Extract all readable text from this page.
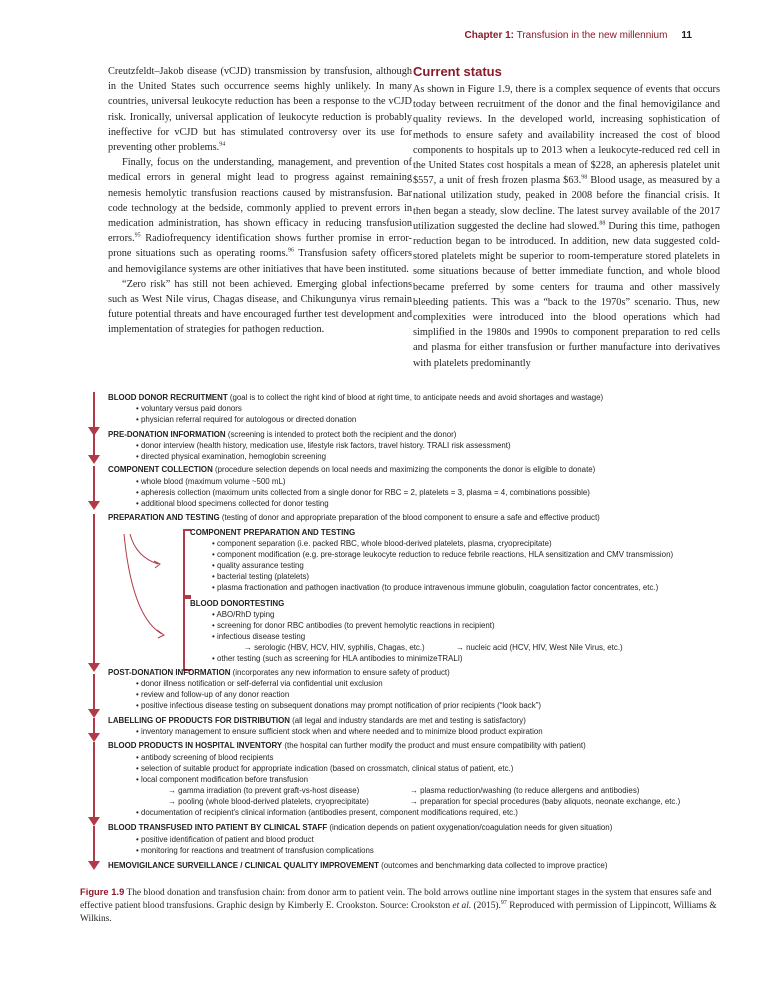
Chapter 1: Transfusion in the new millennium 11

Creutzfeldt–Jakob disease (vCJD) transmission by transfusion, although in the United States such occurrence seems highly unlikely. In many countries, universal leukocyte reduction has been a response to the vCJD risk. Ironically, universal application of leukocyte reduction is probably ineffective for vCJD but has stimulated controversy over its use for preventing other problems.$^{94}$

Finally, focus on the understanding, management, and prevention of medical errors in general might lead to progress against remaining nemesis hemolytic transfusion reactions caused by mistransfusion. Bar code technology at the bedside, commonly applied to prevent errors in medication administration, has shown efficacy in reducing transfusion errors.$^{95}$ Radiofrequency identification shows further promise in error-prone situations such as operating rooms.$^{96}$ Transfusion safety officers and hemovigilance systems are other initiatives that have been instituted.

“Zero risk” has still not been achieved. Emerging global infections such as West Nile virus, Chagas disease, and Chikungunya virus remain future potential threats and have encouraged further test development and implementation of strategies for pathogen reduction.

Current status

As shown in Figure 1.9, there is a complex sequence of events that occurs today between recruitment of the donor and the final hemovigilance and quality reviews. In the developed world, increasing sophistication of methods to ensure safety and availability increased the cost of blood components to hospitals up to 2013 when a leukocyte-reduced red cell in the United States cost hospitals a mean of $228, an apheresis platelet unit $557, a unit of fresh frozen plasma $63.98 Blood usage, as measured by a national utilization study, peaked in 2008 before the financial crisis. It then began a steady, slow decline. The latest survey available of the 2017 utilization suggested the decline had slowed.$^{88}$ During this time, pathogen reduction began to be introduced. In addition, new data suggested cold-stored platelets might be superior to room-temperature stored platelets in some situations because of better immediate function, and whole blood became preferred by some centers for trauma and other massively bleeding patients. This was a “back to the 1970s” scenario. Thus, new complexities were introduced into the blood operations which had simplified in the 1980s and 1990s to component preparation to red cells and plasma for either transfusion or further manufacture into derivatives with platelets predominantly

BLOOD DONOR RECRUITMENT (goal is to collect the right kind of blood at right time, to anticipate needs and avoid shortages and wastage)
• voluntary versus paid donors
• physician referral required for autologous or directed donation
PRE-DONATION INFORMATION (screening is intended to protect both the recipient and the donor)
• donor interview (health history, medication use, lifestyle risk factors, travel history. TRALI risk assessment)
• directed physical examination, hemoglobin screening
COMPONENT COLLECTION (procedure selection depends on local needs and maximizing the components the donor is eligible to donate)
• whole blood (maximum volume ~500 mL)
• apheresis collection (maximum units collected from a single donor for RBC = 2, platelets = 3, plasma = 4, combinations possible)
• additional blood specimens collected for donor testing
PREPARATION AND TESTING (testing of donor and appropriate preparation of the blood component to ensure a safe and effective product)
COMPONENT PREPARATION AND TESTING
• component separation (i.e. packed RBC, whole blood-derived platelets, plasma, cryoprecipitate)
• component modification (e.g. pre-storage leukocyte reduction to reduce febrile reactions, HLA sensitization and CMV transmission)
• quality assurance testing
• bacterial testing (platelets)
• plasma fractionation and pathogen inactivation (to produce intravenous immune globulin, coagulation factor concentrates, etc.)
BLOOD DONORTESTING
• ABO/RhD typing
• screening for donor RBC antibodies (to prevent hemolytic reactions in recipient)
• infectious disease testing
→ serologic (HBV, HCV, HIV, syphilis, Chagas, etc.)	→ nucleic acid (HCV, HIV, West Nile Virus, etc.)
• other testing (such as screening for HLA antibodies to minimizeTRALI)
POST-DONATION INFORMATION (incorporates any new information to ensure safety of product)
• donor illness notification or self-deferral via confidential unit exclusion
• review and follow-up of any donor reaction
• positive infectious disease testing on subsequent donations may prompt notification of prior recipients (“look back”)
LABELLING OF PRODUCTS FOR DISTRIBUTION (all legal and industry standards are met and testing is satisfactory)
• inventory management to ensure sufficient stock when and where needed and to minimize blood product expiration
BLOOD PRODUCTS IN HOSPITAL INVENTORY (the hospital can further modify the product and must ensure compatibility with patient)
• antibody screening of blood recipients
• selection of suitable product for appropriate indication (based on crossmatch, clinical status of patient, etc.)
• local component modification before transfusion
→ gamma irradiation (to prevent graft-vs-host disease)	→ plasma reduction/washing (to reduce allergens and antibodies)
→ pooling (whole blood-derived platelets, cryoprecipitate)	→ preparation for special procedures (baby aliquots, neonate exchange, etc.)
• documentation of recipient's clinical information (antibodies present, component modifications required, etc.)
BLOOD TRANSFUSED INTO PATIENT BY CLINICAL STAFF (indication depends on patient oxygenation/coagulation needs for given situation)
• positive identification of patient and blood product
• monitoring for reactions and treatment of transfusion complications
HEMOVIGILANCE SURVEILLANCE / CLINICAL QUALITY IMPROVEMENT (outcomes and benchmarking data collected to improve practice)
Figure 1.9 The blood donation and transfusion chain: from donor arm to patient vein. The bold arrows outline nine important stages in the system that ensures safe and effective patient blood transfusions. Graphic design by Kimberly E. Crookston. Source: Crookston et al. (2015).$^{97}$ Reproduced with permission of Lippincott, Williams & Wilkins.
